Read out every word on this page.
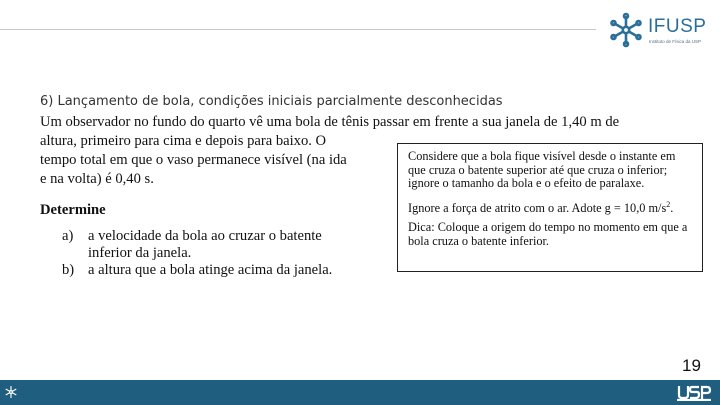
IFUSP
Instituto de Física da USP
6) Lançamento de bola, condições iniciais parcialmente desconhecidas
Um observador no fundo do quarto vê uma bola de tênis passar em frente a sua janela de 1,40 m de
altura, primeiro para cima e depois para baixo. O
tempo total em que o vaso permanece visível (na ida
e na volta) é 0,40 s.
Determine
a)	a velocidade da bola ao cruzar o batente inferior da janela.
b) a altura que a bola atinge acima da janela.

Considere que a bola fique visível desde o instante em que cruza o batente superior até que cruza o inferior; ignore o tamanho da bola e o efeito de paralaxe.

Ignore a força de atrito com o ar. Adote g = 10,0 $m/s^2$.

Dica: Coloque a origem do tempo no momento em que a bola cruza o batente inferior.

19
